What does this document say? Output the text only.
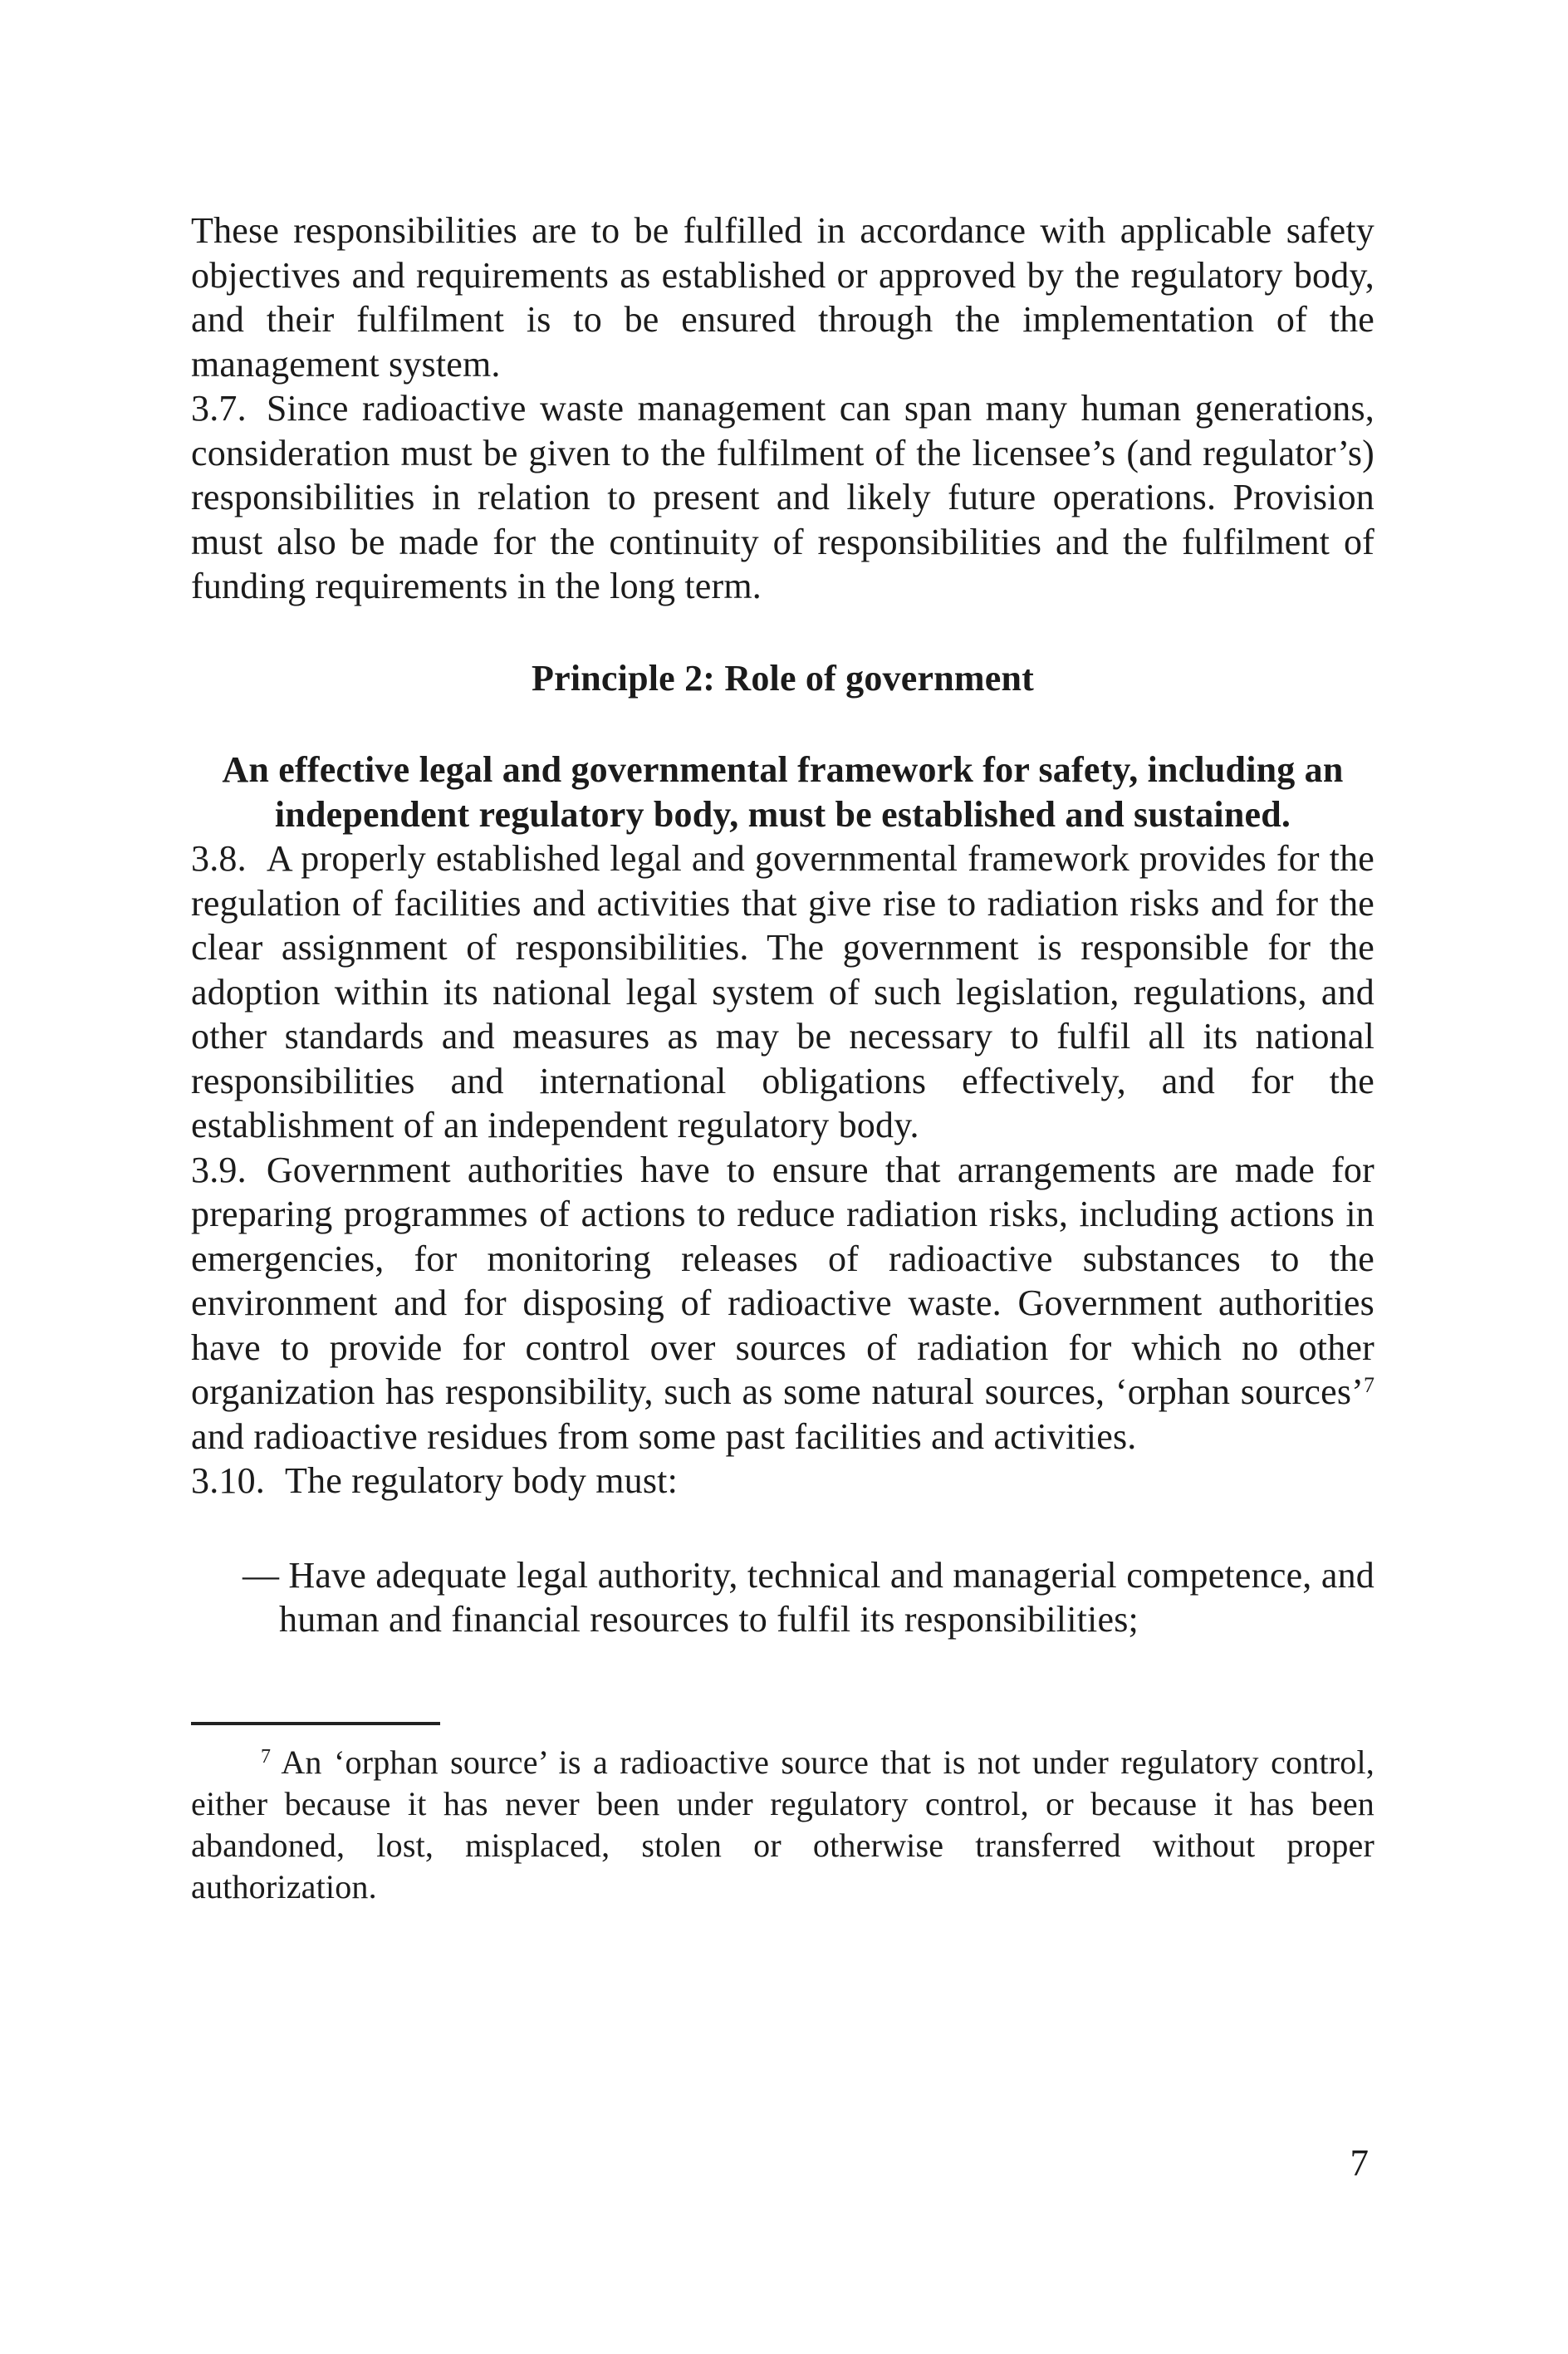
These responsibilities are to be fulfilled in accordance with applicable safety objectives and requirements as established or approved by the regulatory body, and their fulfilment is to be ensured through the implementation of the management system.

3.7. Since radioactive waste management can span many human generations, consideration must be given to the fulfilment of the licensee’s (and regulator’s) responsibilities in relation to present and likely future operations. Provision must also be made for the continuity of responsibilities and the fulfilment of funding requirements in the long term.

Principle 2: Role of government

An effective legal and governmental framework for safety, including an independent regulatory body, must be established and sustained.

3.8. A properly established legal and governmental framework provides for the regulation of facilities and activities that give rise to radiation risks and for the clear assignment of responsibilities. The government is responsible for the adoption within its national legal system of such legislation, regulations, and other standards and measures as may be necessary to fulfil all its national responsibilities and international obligations effectively, and for the establishment of an independent regulatory body.

3.9. Government authorities have to ensure that arrangements are made for preparing programmes of actions to reduce radiation risks, including actions in emergencies, for monitoring releases of radioactive substances to the environment and for disposing of radioactive waste. Government authorities have to provide for control over sources of radiation for which no other organization has responsibility, such as some natural sources, ‘orphan sources’$^7$ and radioactive residues from some past facilities and activities.

3.10. The regulatory body must:

— Have adequate legal authority, technical and managerial competence, and human and financial resources to fulfil its responsibilities;

$^7$ An ‘orphan source’ is a radioactive source that is not under regulatory control, either because it has never been under regulatory control, or because it has been abandoned, lost, misplaced, stolen or otherwise transferred without proper authorization.

7
